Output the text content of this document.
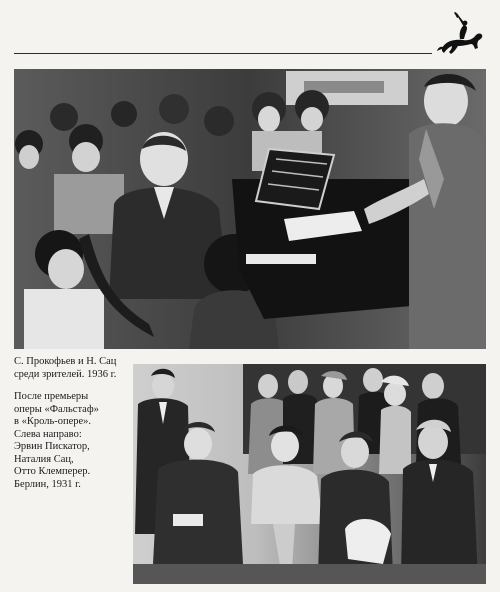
С. Прокофьев и Н. Сац
среди зрителей. 1936 г.
После премьеры
оперы «Фальстаф»
в «Кроль-опере».
Слева направо:
Эрвин Пискатор,
Наталия Сац,
Отто Клемперер.
Берлин, 1931 г.
